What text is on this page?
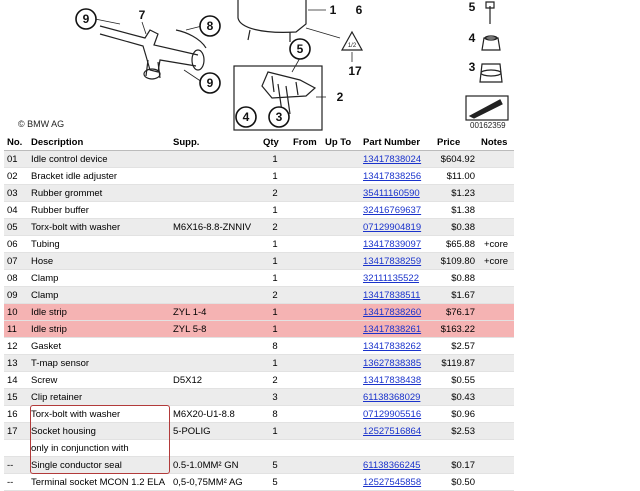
1/2
9	7
8
9
1 6
5
4 3
2
17
5
4
3
© BMW AG	00162359
No.	Description	Supp.	Qty	From	Up To	Part Number	Price	Notes
01	Idle control device		1			13417838024	$604.92	
02	Bracket idle adjuster		1			13417838256	$11.00	
03	Rubber grommet		2			35411160590	$1.23	
04	Rubber buffer		1			32416769637	$1.38	
05	Torx-bolt with washer	M6X16-8.8-ZNNIV	2			07129904819	$0.38	
06	Tubing		1			13417839097	$65.88	+core
07	Hose		1			13417838259	$109.80	+core
08	Clamp		1			32111135522	$0.88	
09	Clamp		2			13417838511	$1.67	
10	Idle strip	ZYL 1-4	1			13417838260	$76.17	
11	Idle strip	ZYL 5-8	1			13417838261	$163.22	
12	Gasket		8			13417838262	$2.57	
13	T-map sensor		1			13627838385	$119.87	
14	Screw	D5X12	2			13417838438	$0.55	
15	Clip retainer		3			61138368029	$0.43	
16	Torx-bolt with washer	M6X20-U1-8.8	8			07129905516	$0.96	
17	Socket housing	5-POLIG	1			12527516864	$2.53	
	only in conjunction with							
--	Single conductor seal	0.5-1.0MM² GN	5			61138366245	$0.17	
--	Terminal socket MCON 1.2 ELA	0,5-0,75MM² AG	5			12527545858	$0.50	
